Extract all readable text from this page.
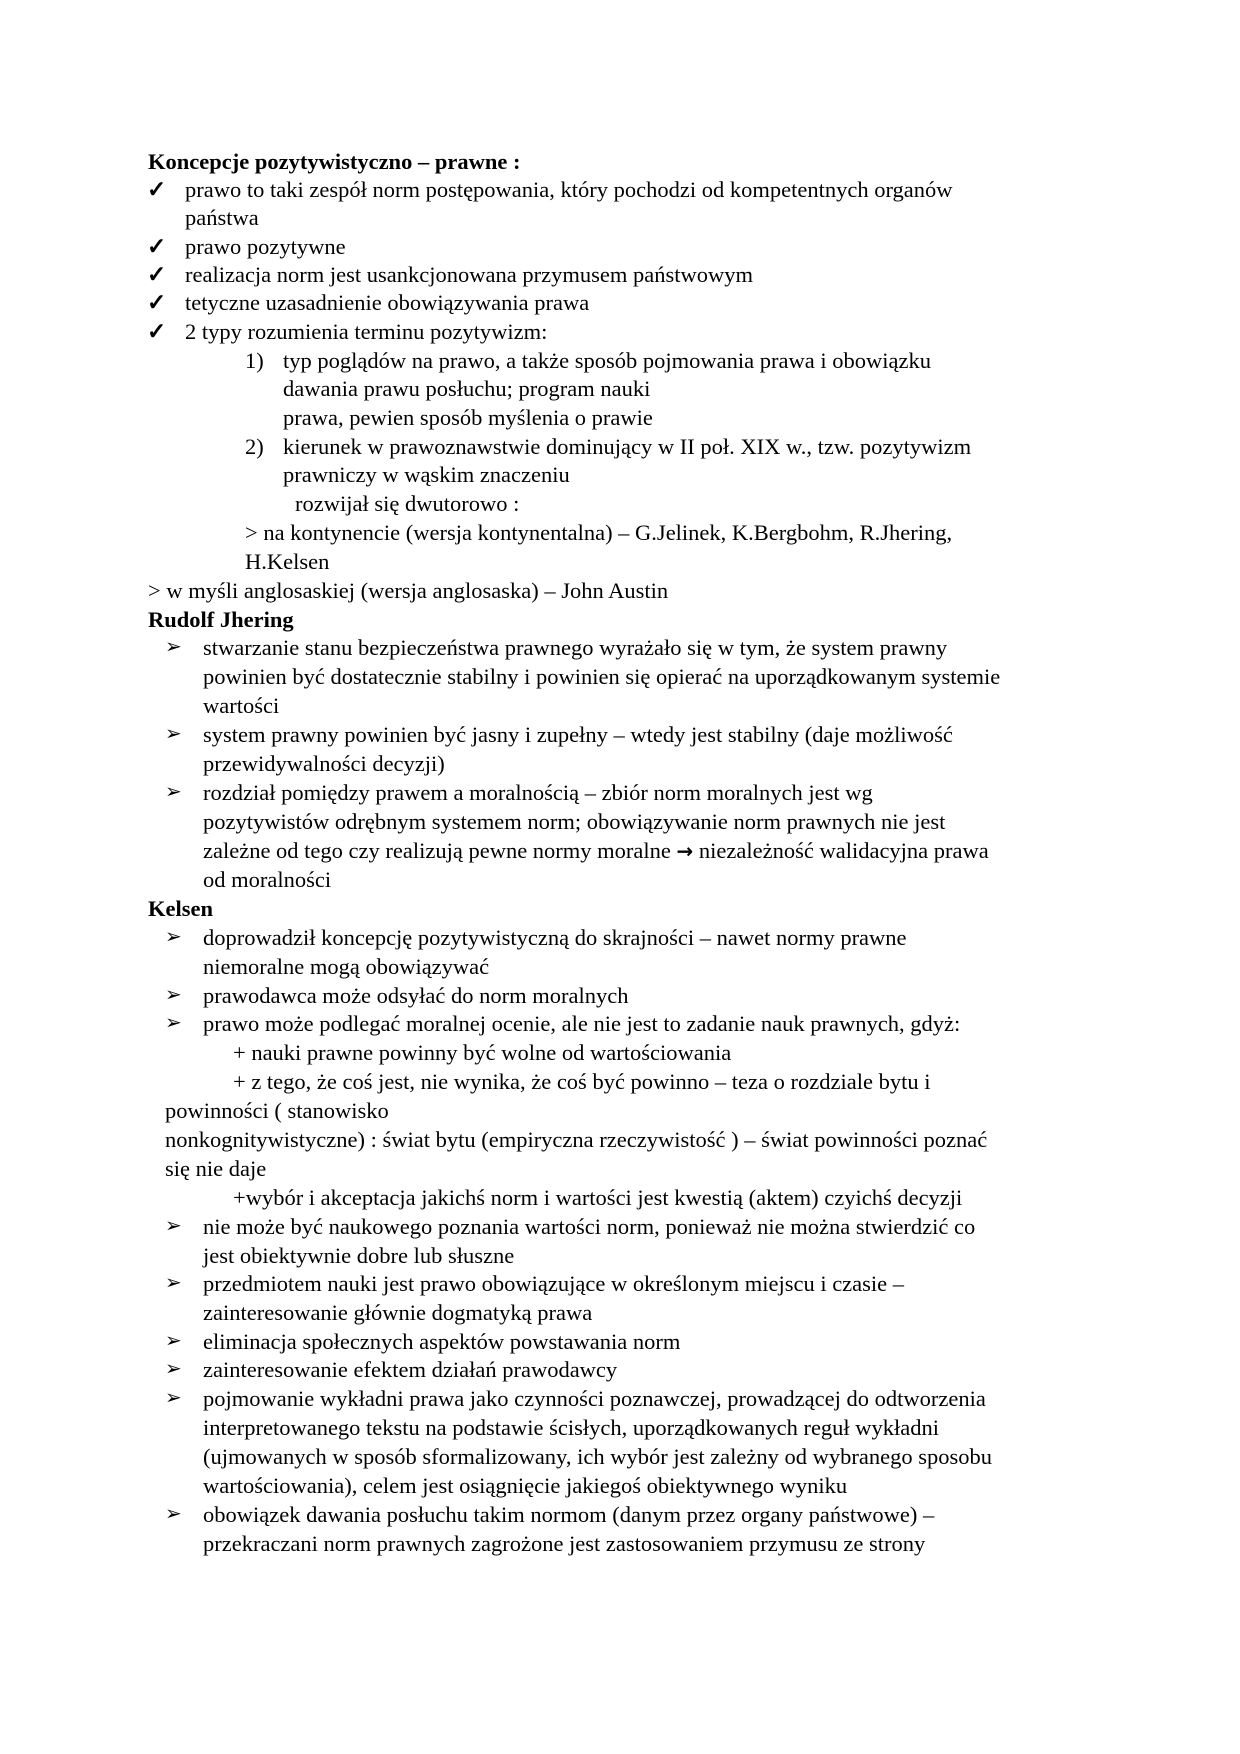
Koncepcje pozytywistyczno – prawne :
✓ prawo to taki zespół norm postępowania, który pochodzi od kompetentnych organów
państwa
✓ prawo pozytywne
✓ realizacja norm jest usankcjonowana przymusem państwowym
✓ tetyczne uzasadnienie obowiązywania prawa
✓ 2 typy rozumienia terminu pozytywizm:
1) typ poglądów na prawo, a także sposób pojmowania prawa i obowiązku
dawania prawu posłuchu; program nauki
prawa, pewien sposób myślenia o prawie
2) kierunek w prawoznawstwie dominujący w II poł. XIX w., tzw. pozytywizm
prawniczy w wąskim znaczeniu
rozwijał się dwutorowo :
> na kontynencie (wersja kontynentalna) – G.Jelinek, K.Bergbohm, R.Jhering,
H.Kelsen
> w myśli anglosaskiej (wersja anglosaska) – John Austin
Rudolf Jhering
➢ stwarzanie stanu bezpieczeństwa prawnego wyrażało się w tym, że system prawny
powinien być dostatecznie stabilny i powinien się opierać na uporządkowanym systemie
wartości
➢ system prawny powinien być jasny i zupełny – wtedy jest stabilny (daje możliwość
przewidywalności decyzji)
➢ rozdział pomiędzy prawem a moralnością – zbiór norm moralnych jest wg
pozytywistów odrębnym systemem norm; obowiązywanie norm prawnych nie jest
zależne od tego czy realizują pewne normy moralne → niezależność walidacyjna prawa
od moralności
Kelsen
➢ doprowadził koncepcję pozytywistyczną do skrajności – nawet normy prawne
niemoralne mogą obowiązywać
➢ prawodawca może odsyłać do norm moralnych
➢ prawo może podlegać moralnej ocenie, ale nie jest to zadanie nauk prawnych, gdyż:
+ nauki prawne powinny być wolne od wartościowania
+ z tego, że coś jest, nie wynika, że coś być powinno – teza o rozdziale bytu i
powinności ( stanowisko
nonkognitywistyczne) : świat bytu (empiryczna rzeczywistość ) – świat powinności poznać
się nie daje
+wybór i akceptacja jakichś norm i wartości jest kwestią (aktem) czyichś decyzji
➢ nie może być naukowego poznania wartości norm, ponieważ nie można stwierdzić co
jest obiektywnie dobre lub słuszne
➢ przedmiotem nauki jest prawo obowiązujące w określonym miejscu i czasie –
zainteresowanie głównie dogmatyką prawa
➢ eliminacja społecznych aspektów powstawania norm
➢ zainteresowanie efektem działań prawodawcy
➢ pojmowanie wykładni prawa jako czynności poznawczej, prowadzącej do odtworzenia
interpretowanego tekstu na podstawie ścisłych, uporządkowanych reguł wykładni
(ujmowanych w sposób sformalizowany, ich wybór jest zależny od wybranego sposobu
wartościowania), celem jest osiągnięcie jakiegoś obiektywnego wyniku
➢ obowiązek dawania posłuchu takim normom (danym przez organy państwowe) –
przekraczani norm prawnych zagrożone jest zastosowaniem przymusu ze strony
